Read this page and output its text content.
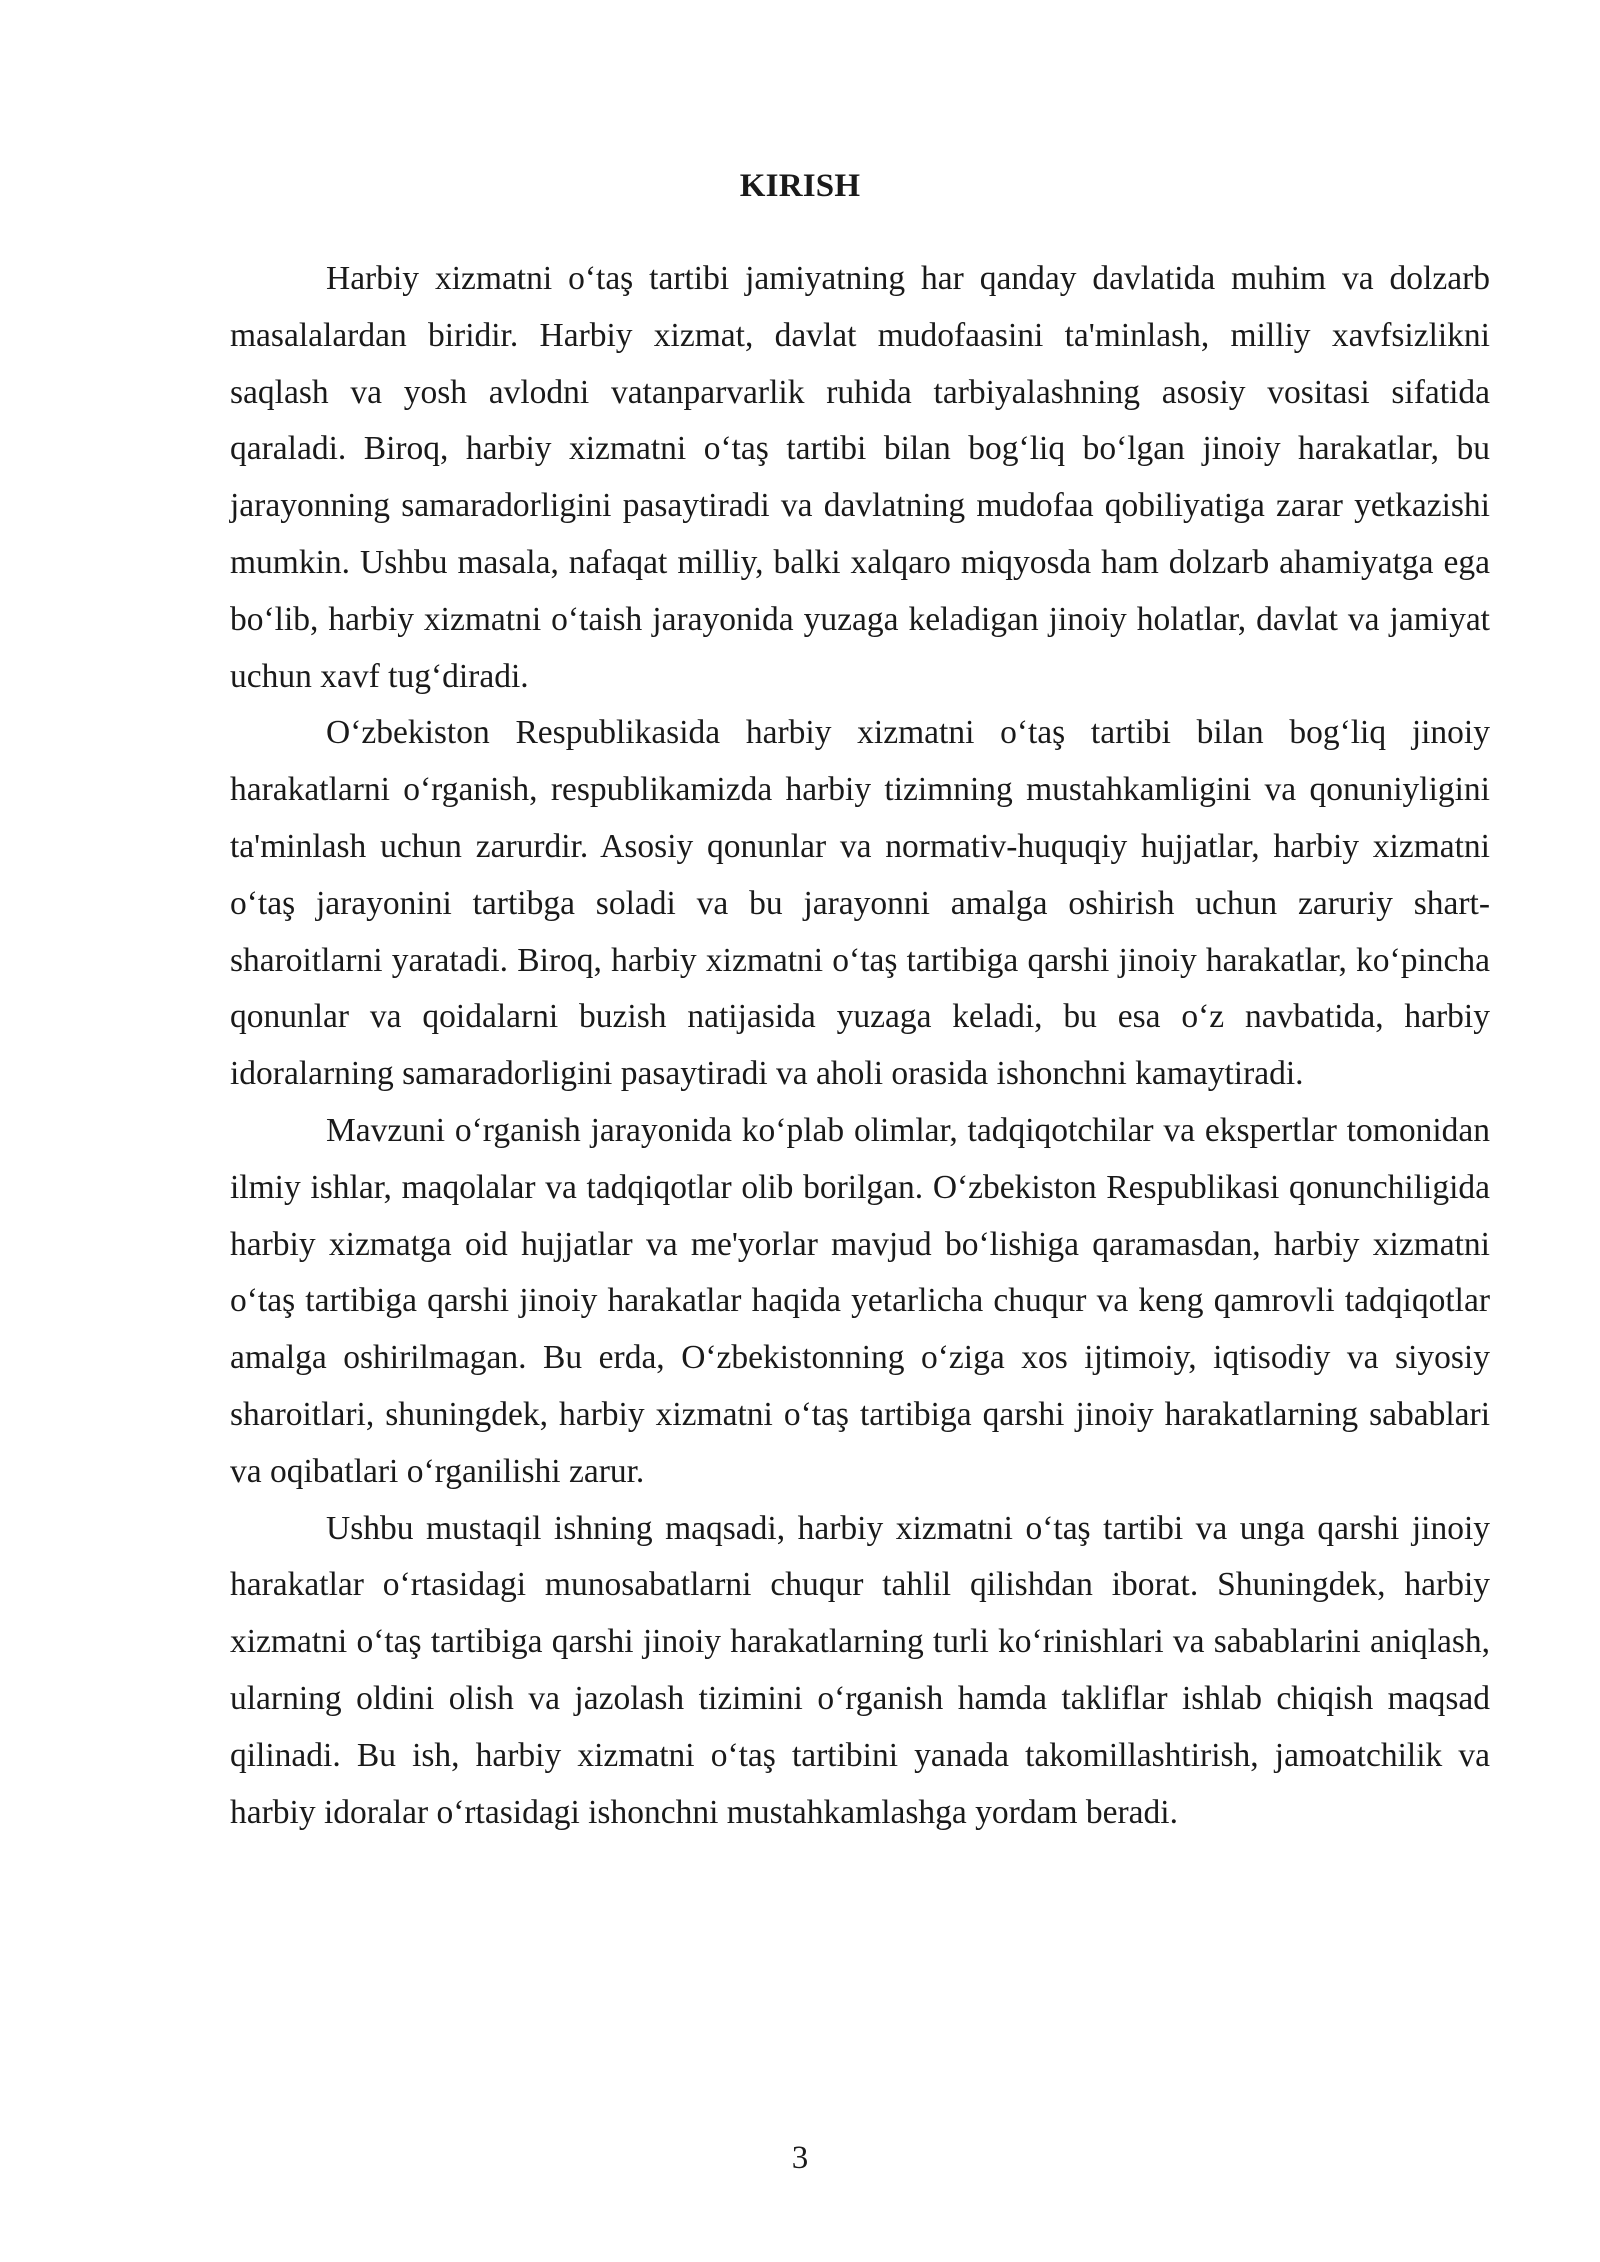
KIRISH

Harbiy xizmatni o‘taş tartibi jamiyatning har qanday davlatida muhim va dolzarb masalalardan biridir. Harbiy xizmat, davlat mudofaasini ta'minlash, milliy xavfsizlikni saqlash va yosh avlodni vatanparvarlik ruhida tarbiyalashning asosiy vositasi sifatida qaraladi. Biroq, harbiy xizmatni o‘taş tartibi bilan bog‘liq bo‘lgan jinoiy harakatlar, bu jarayonning samaradorligini pasaytiradi va davlatning mudofaa qobiliyatiga zarar yetkazishi mumkin. Ushbu masala, nafaqat milliy, balki xalqaro miqyosda ham dolzarb ahamiyatga ega bo‘lib, harbiy xizmatni o‘taish jarayonida yuzaga keladigan jinoiy holatlar, davlat va jamiyat uchun xavf tug‘diradi.

O‘zbekiston Respublikasida harbiy xizmatni o‘taş tartibi bilan bog‘liq jinoiy harakatlarni o‘rganish, respublikamizda harbiy tizimning mustahkamligini va qonuniyligini ta'minlash uchun zarurdir. Asosiy qonunlar va normativ-huquqiy hujjatlar, harbiy xizmatni o‘taş jarayonini tartibga soladi va bu jarayonni amalga oshirish uchun zaruriy shart-sharoitlarni yaratadi. Biroq, harbiy xizmatni o‘taş tartibiga qarshi jinoiy harakatlar, ko‘pincha qonunlar va qoidalarni buzish natijasida yuzaga keladi, bu esa o‘z navbatida, harbiy idoralarning samaradorligini pasaytiradi va aholi orasida ishonchni kamaytiradi.

Mavzuni o‘rganish jarayonida ko‘plab olimlar, tadqiqotchilar va ekspertlar tomonidan ilmiy ishlar, maqolalar va tadqiqotlar olib borilgan. O‘zbekiston Respublikasi qonunchiligida harbiy xizmatga oid hujjatlar va me'yorlar mavjud bo‘lishiga qaramasdan, harbiy xizmatni o‘taş tartibiga qarshi jinoiy harakatlar haqida yetarlicha chuqur va keng qamrovli tadqiqotlar amalga oshirilmagan. Bu erda, O‘zbekistonning o‘ziga xos ijtimoiy, iqtisodiy va siyosiy sharoitlari, shuningdek, harbiy xizmatni o‘taş tartibiga qarshi jinoiy harakatlarning sabablari va oqibatlari o‘rganilishi zarur.

Ushbu mustaqil ishning maqsadi, harbiy xizmatni o‘taş tartibi va unga qarshi jinoiy harakatlar o‘rtasidagi munosabatlarni chuqur tahlil qilishdan iborat. Shuningdek, harbiy xizmatni o‘taş tartibiga qarshi jinoiy harakatlarning turli ko‘rinishlari va sabablarini aniqlash, ularning oldini olish va jazolash tizimini o‘rganish hamda takliflar ishlab chiqish maqsad qilinadi. Bu ish, harbiy xizmatni o‘taş tartibini yanada takomillashtirish, jamoatchilik va harbiy idoralar o‘rtasidagi ishonchni mustahkamlashga yordam beradi.

3
